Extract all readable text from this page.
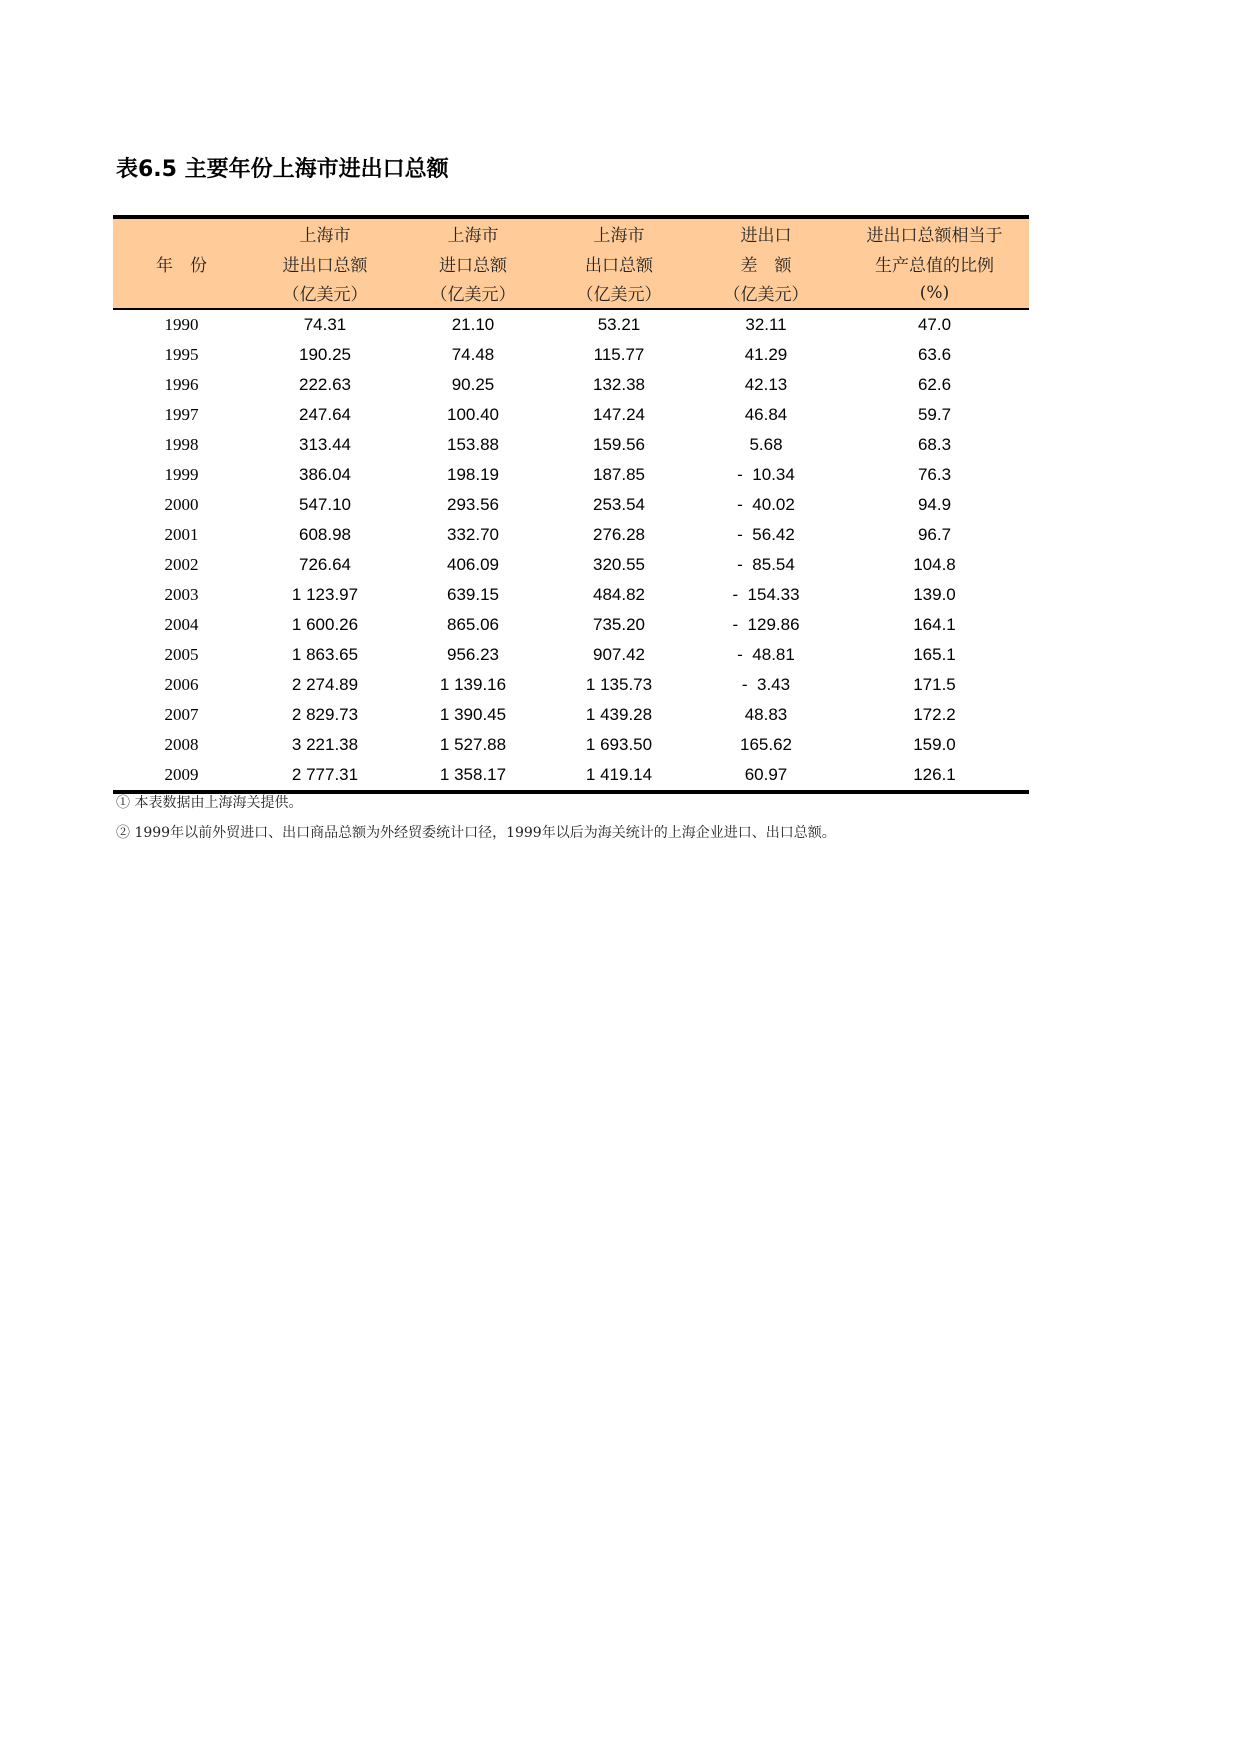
表6.5 主要年份上海市进出口总额
	上海市	上海市	上海市	进出口	进出口总额相当于
年　份	进出口总额	进口总额	出口总额	差　额	生产总值的比例
	（亿美元）	（亿美元）	（亿美元）	（亿美元）	(%)
1990	74.31	21.10	53.21	32.11	47.0
1995	190.25	74.48	115.77	41.29	63.6
1996	222.63	90.25	132.38	42.13	62.6
1997	247.64	100.40	147.24	46.84	59.7
1998	313.44	153.88	159.56	5.68	68.3
1999	386.04	198.19	187.85	-  10.34	76.3
2000	547.10	293.56	253.54	-  40.02	94.9
2001	608.98	332.70	276.28	-  56.42	96.7
2002	726.64	406.09	320.55	-  85.54	104.8
2003	1 123.97	639.15	484.82	-  154.33	139.0
2004	1 600.26	865.06	735.20	-  129.86	164.1
2005	1 863.65	956.23	907.42	-  48.81	165.1
2006	2 274.89	1 139.16	1 135.73	-  3.43	171.5
2007	2 829.73	1 390.45	1 439.28	48.83	172.2
2008	3 221.38	1 527.88	1 693.50	165.62	159.0
2009	2 777.31	1 358.17	1 419.14	60.97	126.1
① 本表数据由上海海关提供。
② 1999年以前外贸进口、出口商品总额为外经贸委统计口径，1999年以后为海关统计的上海企业进口、出口总额。
